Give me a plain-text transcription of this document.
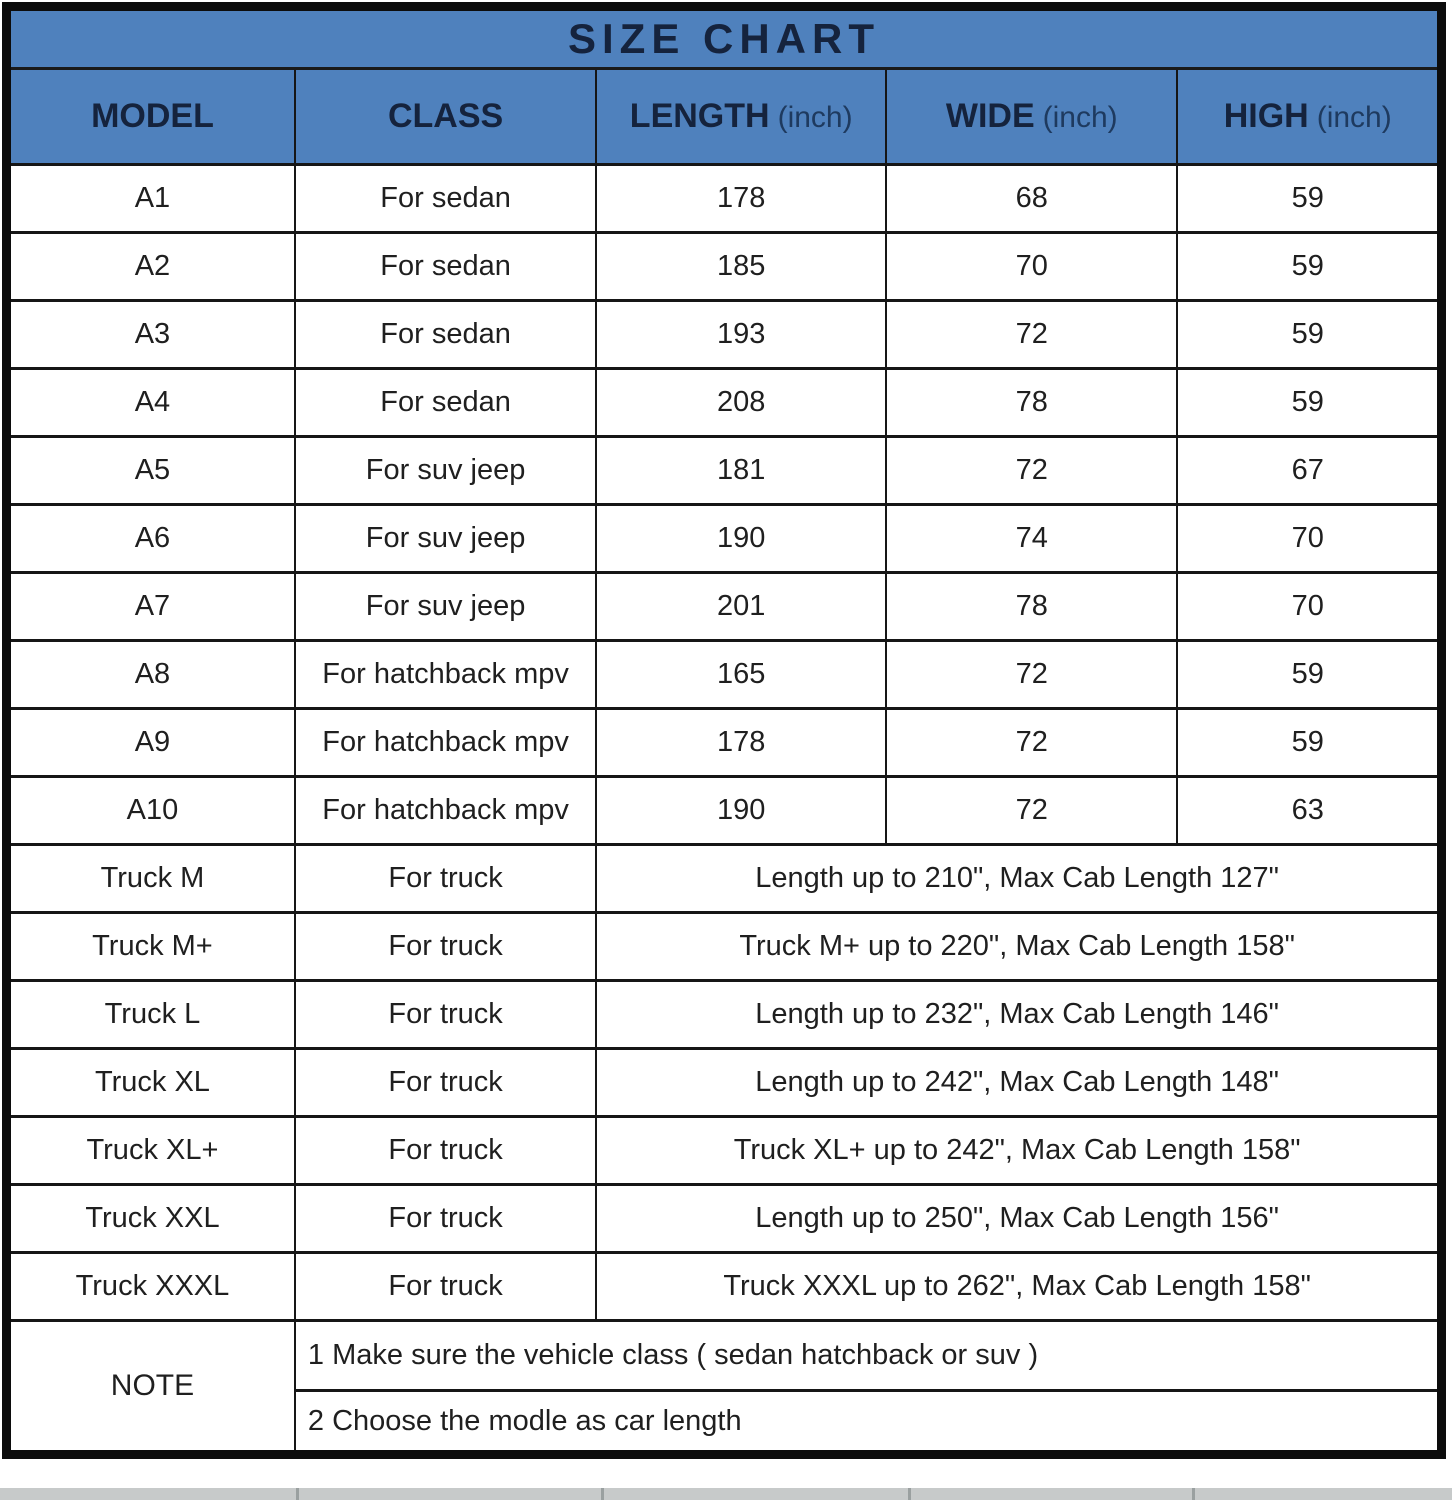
SIZE CHART				
MODEL	CLASS	LENGTH (inch)	WIDE (inch)	HIGH (inch)
A1	For sedan	178	68	59
A2	For sedan	185	70	59
A3	For sedan	193	72	59
A4	For sedan	208	78	59
A5	For suv jeep	181	72	67
A6	For suv jeep	190	74	70
A7	For suv jeep	201	78	70
A8	For hatchback mpv	165	72	59
A9	For hatchback mpv	178	72	59
A10	For hatchback mpv	190	72	63
Truck M	For truck	Length up to 210", Max Cab Length 127"		
Truck M+	For truck	Truck M+ up to 220", Max Cab Length 158"		
Truck L	For truck	Length up to 232", Max Cab Length 146"		
Truck XL	For truck	Length up to 242", Max Cab Length 148"		
Truck XL+	For truck	Truck XL+ up to 242", Max Cab Length 158"		
Truck XXL	For truck	Length up to 250", Max Cab Length 156"		
Truck XXXL	For truck	Truck XXXL up to 262", Max Cab Length 158"		
NOTE	1 Make sure the vehicle class ( sedan hatchback or suv )			
	2 Choose the modle as car length			
